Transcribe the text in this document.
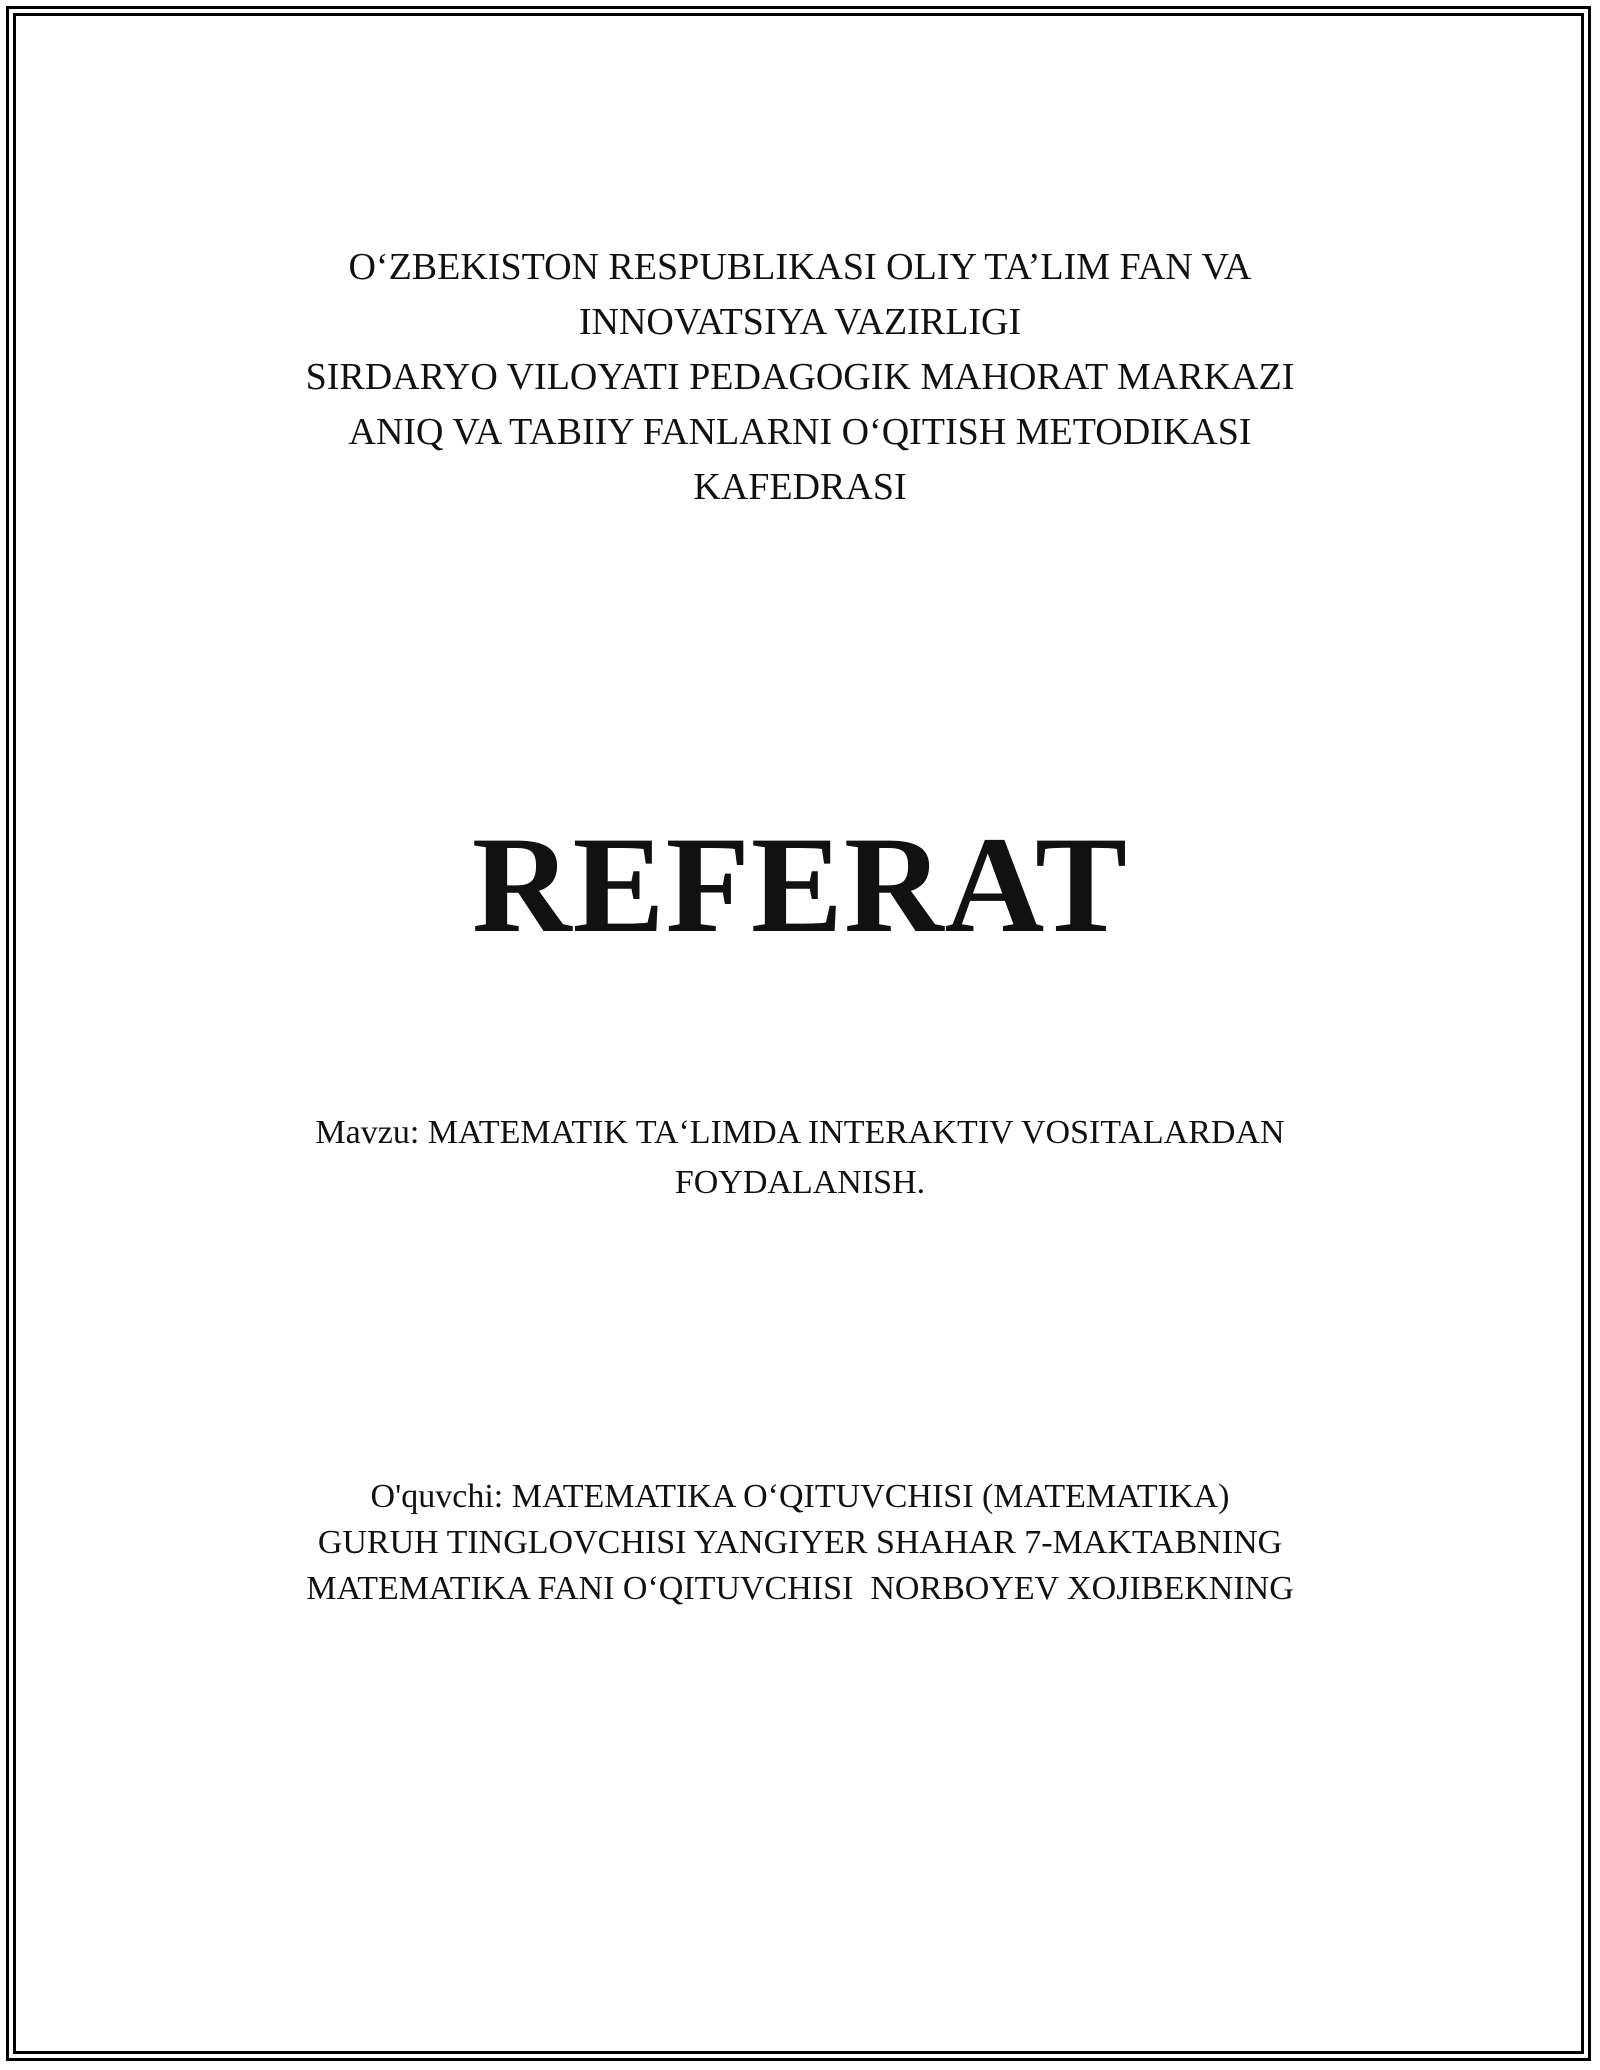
O‘ZBEKISTON RESPUBLIKASI OLIY TA’LIM FAN VA
INNOVATSIYA VAZIRLIGI
SIRDARYO VILOYATI PEDAGOGIK MAHORAT MARKAZI
ANIQ VA TABIIY FANLARNI O‘QITISH METODIKASI
KAFEDRASI
REFERAT
Mavzu: MATEMATIK TA‘LIMDA INTERAKTIV VOSITALARDAN
FOYDALANISH.
O'quvchi: MATEMATIKA O‘QITUVCHISI (MATEMATIKA)
GURUH TINGLOVCHISI YANGIYER SHAHAR 7-MAKTABNING
MATEMATIKA FANI O‘QITUVCHISI  NORBOYEV XOJIBEKNING
